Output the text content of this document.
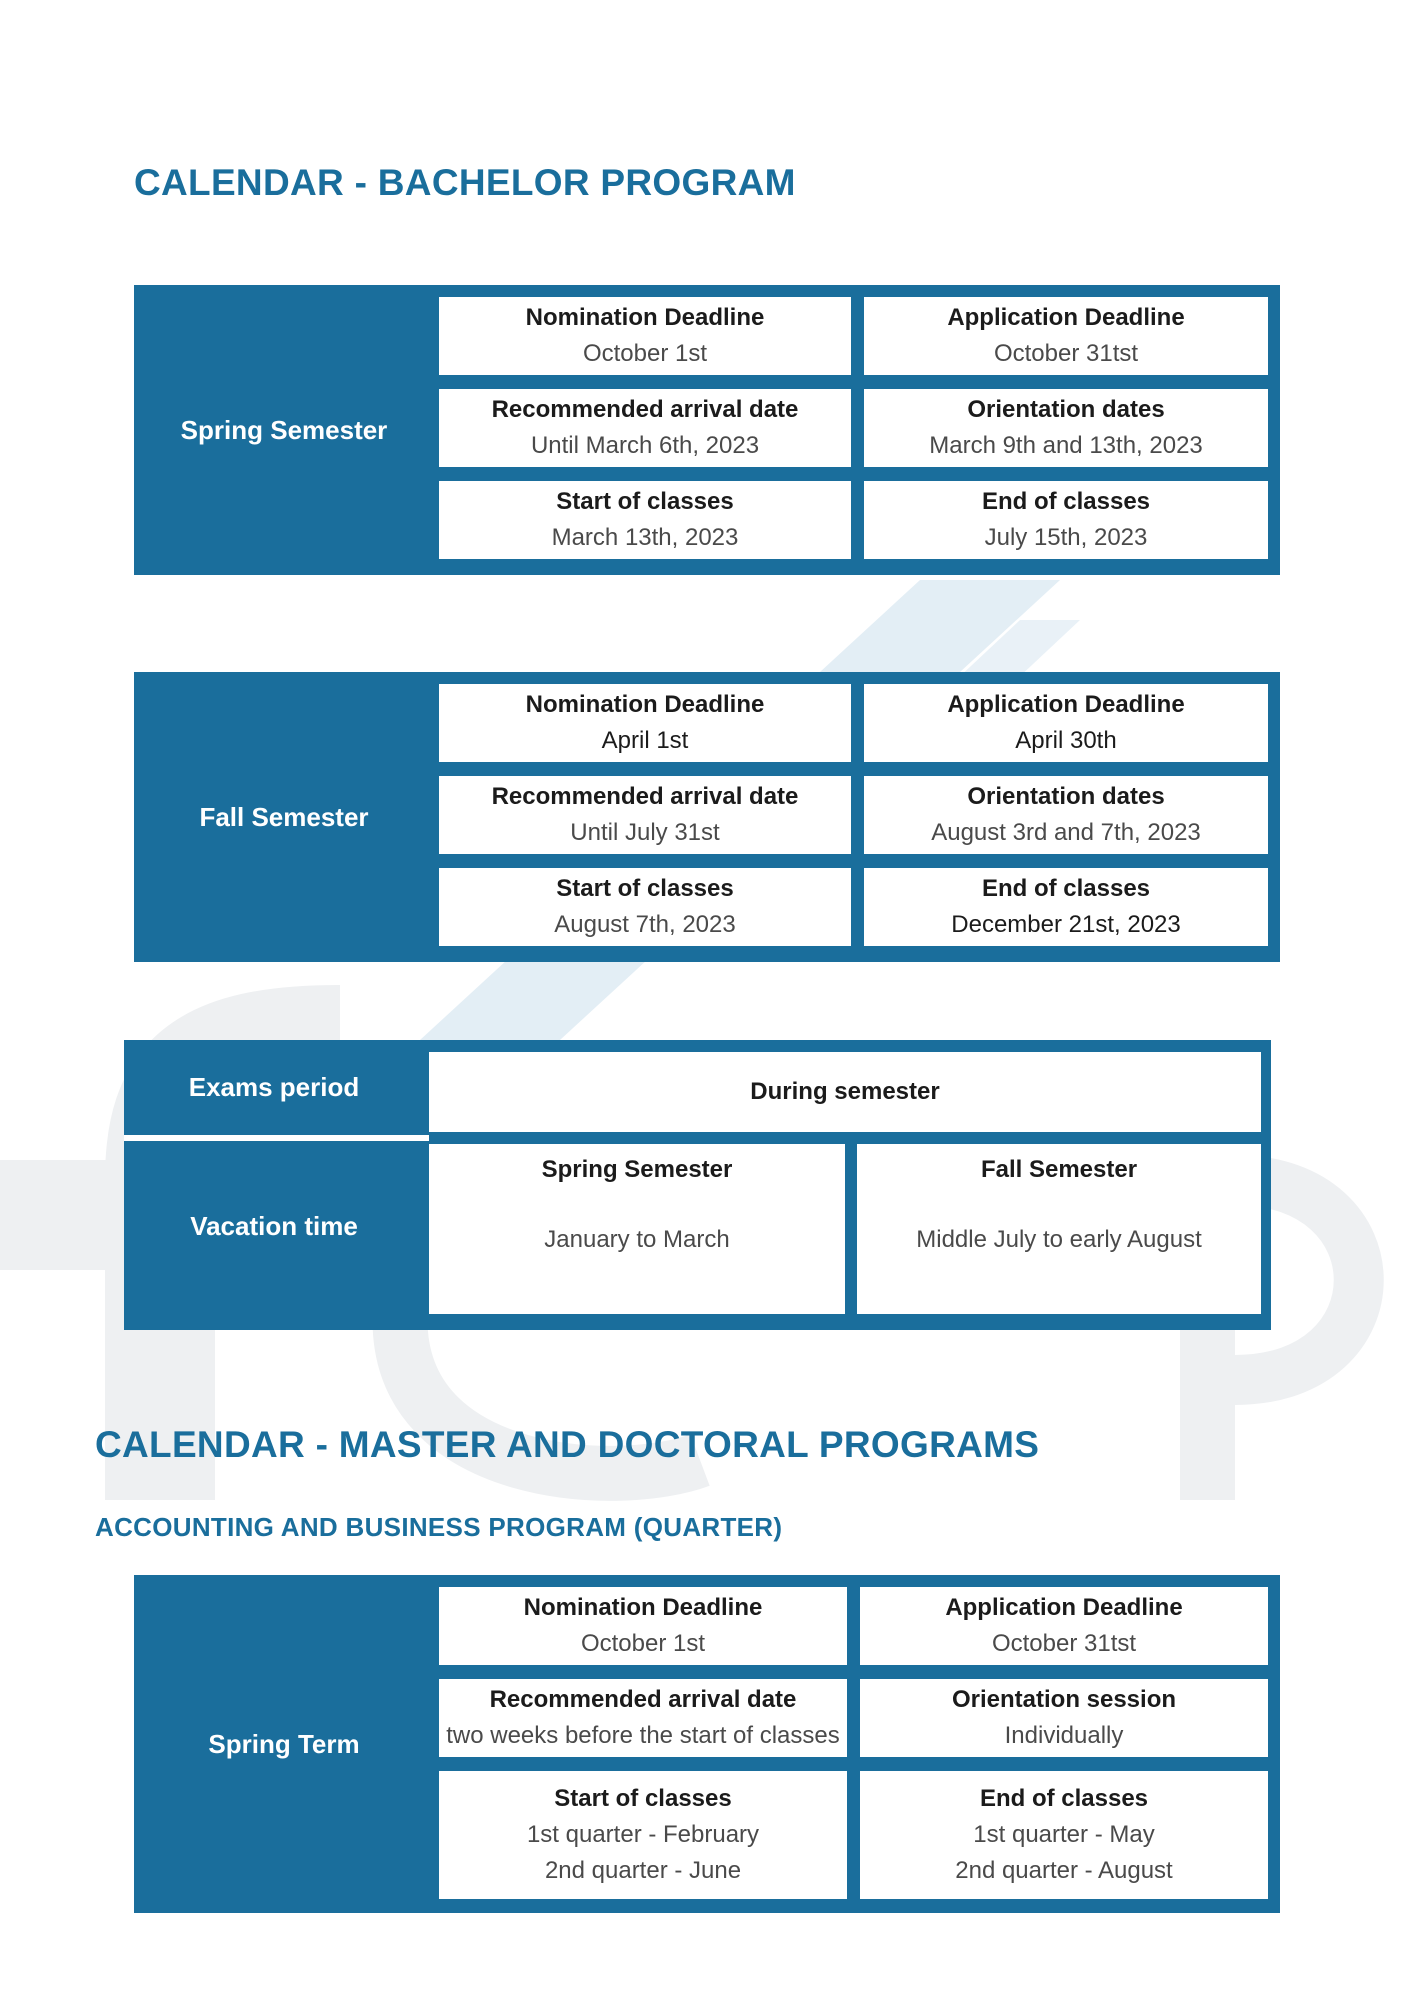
CALENDAR - BACHELOR PROGRAM
Spring Semester
Nomination Deadline
October 1st
Application Deadline
October 31tst
Recommended arrival date
Until March 6th, 2023
Orientation dates
March 9th and 13th, 2023
Start of classes
March 13th, 2023
End of classes
July 15th, 2023
Fall Semester
Nomination Deadline
April 1st
Application Deadline
April 30th
Recommended arrival date
Until July 31st
Orientation dates
August 3rd and 7th, 2023
Start of classes
August 7th, 2023
End of classes
December 21st, 2023
Exams period
Vacation time
During semester
Spring Semester
January to March
Fall Semester
Middle July to early August
CALENDAR - MASTER AND DOCTORAL PROGRAMS
ACCOUNTING AND BUSINESS PROGRAM (QUARTER)
Spring Term
Nomination Deadline
October 1st
Application Deadline
October 31tst
Recommended arrival date
two weeks before the start of classes
Orientation session
Individually
Start of classes
1st quarter - February
2nd quarter - June
End of classes
1st quarter - May
2nd quarter - August
